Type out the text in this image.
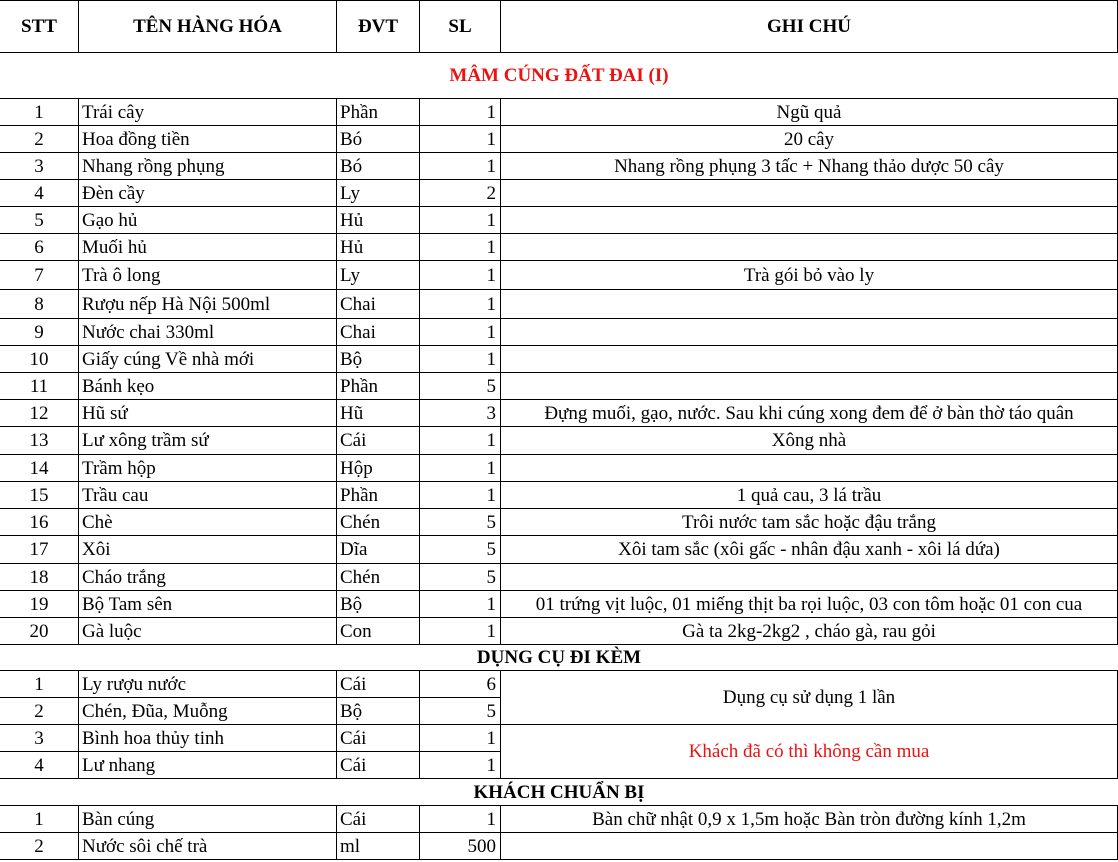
STT	TÊN HÀNG HÓA	ĐVT	SL	GHI CHÚ
MÂM CÚNG ĐẤT ĐAI (I)
1	Trái cây	Phần	1	Ngũ quả
2	Hoa đồng tiền	Bó	1	20 cây
3	Nhang rồng phụng	Bó	1	Nhang rồng phụng 3 tấc + Nhang thảo dược 50 cây
4	Đèn cầy	Ly	2
5	Gạo hủ	Hủ	1
6	Muối hủ	Hủ	1
7	Trà ô long	Ly	1	Trà gói bỏ vào ly
8	Rượu nếp Hà Nội 500ml	Chai	1
9	Nước chai 330ml	Chai	1
10	Giấy cúng Về nhà mới	Bộ	1
11	Bánh kẹo	Phần	5
12	Hũ sứ	Hũ	3	Đựng muối, gạo, nước. Sau khi cúng xong đem để ở bàn thờ táo quân
13	Lư xông trầm sứ	Cái	1	Xông nhà
14	Trầm hộp	Hộp	1
15	Trầu cau	Phần	1	1 quả cau, 3 lá trầu
16	Chè	Chén	5	Trôi nước tam sắc hoặc đậu trắng
17	Xôi	Dĩa	5	Xôi tam sắc (xôi gấc - nhân đậu xanh - xôi lá dứa)
18	Cháo trắng	Chén	5
19	Bộ Tam sên	Bộ	1	01 trứng vịt luộc, 01 miếng thịt ba rọi luộc, 03 con tôm hoặc 01 con cua
20	Gà luộc	Con	1	Gà ta 2kg-2kg2 , cháo gà, rau gỏi
DỤNG CỤ ĐI KÈM
1	Ly rượu nước	Cái	6
2	Chén, Đũa, Muỗng	Bộ	5
Dụng cụ sử dụng 1 lần
3	Bình hoa thủy tinh	Cái	1
4	Lư nhang	Cái	1
Khách đã có thì không cần mua
KHÁCH CHUẨN BỊ
1	Bàn cúng	Cái	1	Bàn chữ nhật 0,9 x 1,5m hoặc Bàn tròn đường kính 1,2m
2	Nước sôi chế trà	ml	500
